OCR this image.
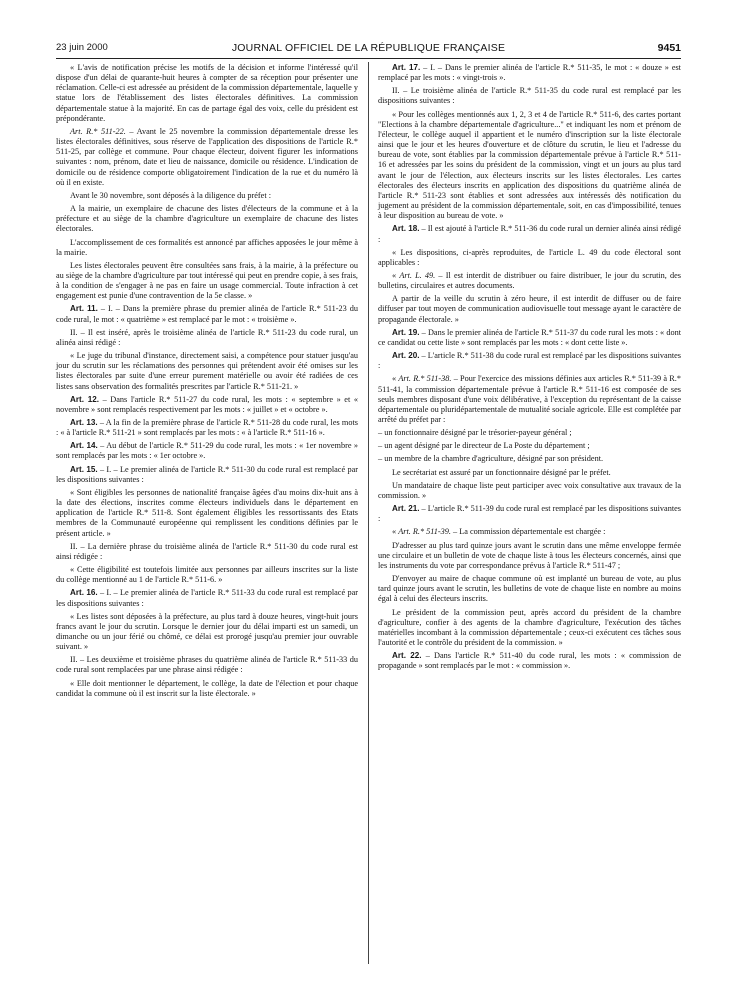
23 juin 2000	JOURNAL OFFICIEL DE LA RÉPUBLIQUE FRANÇAISE	9451

« L'avis de notification précise les motifs de la décision et informe l'intéressé qu'il dispose d'un délai de quarante-huit heures à compter de sa réception pour présenter une réclamation. Celle-ci est adressée au président de la commission départementale, laquelle y statue lors de l'établissement des listes électorales définitives. La commission départementale statue à la majorité. En cas de partage égal des voix, celle du président est prépondérante.

Art. R.* 511-22. – Avant le 25 novembre la commission départementale dresse les listes électorales définitives, sous réserve de l'application des dispositions de l'article R.* 511-25, par collège et commune. Pour chaque électeur, doivent figurer les informations suivantes : nom, prénom, date et lieu de naissance, domicile ou résidence. L'indication de domicile ou de résidence comporte obligatoirement l'indication de la rue et du numéro là où il en existe.

Avant le 30 novembre, sont déposés à la diligence du préfet :

A la mairie, un exemplaire de chacune des listes d'électeurs de la commune et à la préfecture et au siège de la chambre d'agriculture un exemplaire de chacune des listes électorales.

L'accomplissement de ces formalités est annoncé par affiches apposées le jour même à la mairie.

Les listes électorales peuvent être consultées sans frais, à la mairie, à la préfecture ou au siège de la chambre d'agriculture par tout intéressé qui peut en prendre copie, à ses frais, à la condition de s'engager à ne pas en faire un usage commercial. Toute infraction à cet engagement est punie d'une contravention de la 5e classe. »

Art. 11. – I. – Dans la première phrase du premier alinéa de l'article R.* 511-23 du code rural, le mot : « quatrième » est remplacé par le mot : « troisième ».

II. – Il est inséré, après le troisième alinéa de l'article R.* 511-23 du code rural, un alinéa ainsi rédigé :

« Le juge du tribunal d'instance, directement saisi, a compétence pour statuer jusqu'au jour du scrutin sur les réclamations des personnes qui prétendent avoir été omises sur les listes électorales par suite d'une erreur purement matérielle ou avoir été radiées de ces listes sans observation des formalités prescrites par l'article R.* 511-21. »

Art. 12. – Dans l'article R.* 511-27 du code rural, les mots : « septembre » et « novembre » sont remplacés respectivement par les mots : « juillet » et « octobre ».

Art. 13. – A la fin de la première phrase de l'article R.* 511-28 du code rural, les mots : « à l'article R.* 511-21 » sont remplacés par les mots : « à l'article R.* 511-16 ».

Art. 14. – Au début de l'article R.* 511-29 du code rural, les mots : « 1er novembre » sont remplacés par les mots : « 1er octobre ».

Art. 15. – I. – Le premier alinéa de l'article R.* 511-30 du code rural est remplacé par les dispositions suivantes :

« Sont éligibles les personnes de nationalité française âgées d'au moins dix-huit ans à la date des élections, inscrites comme électeurs individuels dans le département en application de l'article R.* 511-8. Sont également éligibles les ressortissants des Etats membres de la Communauté européenne qui remplissent les conditions définies par le présent article. »

II. – La dernière phrase du troisième alinéa de l'article R.* 511-30 du code rural est ainsi rédigée :

« Cette éligibilité est toutefois limitée aux personnes par ailleurs inscrites sur la liste du collège mentionné au 1 de l'article R.* 511-6. »

Art. 16. – I. – Le premier alinéa de l'article R.* 511-33 du code rural est remplacé par les dispositions suivantes :

« Les listes sont déposées à la préfecture, au plus tard à douze heures, vingt-huit jours francs avant le jour du scrutin. Lorsque le dernier jour du délai imparti est un samedi, un dimanche ou un jour férié ou chômé, ce délai est prorogé jusqu'au premier jour ouvrable suivant. »

II. – Les deuxième et troisième phrases du quatrième alinéa de l'article R.* 511-33 du code rural sont remplacées par une phrase ainsi rédigée :

« Elle doit mentionner le département, le collège, la date de l'élection et pour chaque candidat la commune où il est inscrit sur la liste électorale. »

Art. 17. – I. – Dans le premier alinéa de l'article R.* 511-35, le mot : « douze » est remplacé par les mots : « vingt-trois ».

II. – Le troisième alinéa de l'article R.* 511-35 du code rural est remplacé par les dispositions suivantes :

« Pour les collèges mentionnés aux 1, 2, 3 et 4 de l'article R.* 511-6, des cartes portant "Elections à la chambre départementale d'agriculture..." et indiquant les nom et prénom de l'électeur, le collège auquel il appartient et le numéro d'inscription sur la liste électorale ainsi que le jour et les heures d'ouverture et de clôture du scrutin, le lieu et l'adresse du bureau de vote, sont établies par la commission départementale prévue à l'article R.* 511-16 et adressées par les soins du président de la commission, vingt et un jours au plus tard avant le jour de l'élection, aux électeurs inscrits sur les listes électorales. Les cartes électorales des électeurs inscrits en application des dispositions du quatrième alinéa de l'article R.* 511-23 sont établies et sont adressées aux intéressés dès notification du jugement au président de la commission départementale, soit, en cas d'impossibilité, tenues à leur disposition au bureau de vote. »

Art. 18. – Il est ajouté à l'article R.* 511-36 du code rural un dernier alinéa ainsi rédigé :

« Les dispositions, ci-après reproduites, de l'article L. 49 du code électoral sont applicables :

« Art. L. 49. – Il est interdit de distribuer ou faire distribuer, le jour du scrutin, des bulletins, circulaires et autres documents.

A partir de la veille du scrutin à zéro heure, il est interdit de diffuser ou de faire diffuser par tout moyen de communication audiovisuelle tout message ayant le caractère de propagande électorale. »

Art. 19. – Dans le premier alinéa de l'article R.* 511-37 du code rural les mots : « dont ce candidat ou cette liste » sont remplacés par les mots : « dont cette liste ».

Art. 20. – L'article R.* 511-38 du code rural est remplacé par les dispositions suivantes :

« Art. R.* 511-38. – Pour l'exercice des missions définies aux articles R.* 511-39 à R.* 511-41, la commission départementale prévue à l'article R.* 511-16 est composée de ses seuls membres disposant d'une voix délibérative, à l'exception du représentant de la caisse départementale ou pluridépartementale de mutualité sociale agricole. Elle est complétée par arrêté du préfet par :

– un fonctionnaire désigné par le trésorier-payeur général ;

– un agent désigné par le directeur de La Poste du département ;

– un membre de la chambre d'agriculture, désigné par son président.

Le secrétariat est assuré par un fonctionnaire désigné par le préfet.

Un mandataire de chaque liste peut participer avec voix consultative aux travaux de la commission. »

Art. 21. – L'article R.* 511-39 du code rural est remplacé par les dispositions suivantes :

« Art. R.* 511-39. – La commission départementale est chargée :

D'adresser au plus tard quinze jours avant le scrutin dans une même enveloppe fermée une circulaire et un bulletin de vote de chaque liste à tous les électeurs concernés, ainsi que les instruments du vote par correspondance prévus à l'article R.* 511-47 ;

D'envoyer au maire de chaque commune où est implanté un bureau de vote, au plus tard quinze jours avant le scrutin, les bulletins de vote de chaque liste en nombre au moins égal à celui des électeurs inscrits.

Le président de la commission peut, après accord du président de la chambre d'agriculture, confier à des agents de la chambre d'agriculture, l'exécution des tâches matérielles incombant à la commission départementale ; ceux-ci exécutent ces tâches sous l'autorité et le contrôle du président de la commission. »

Art. 22. – Dans l'article R.* 511-40 du code rural, les mots : « commission de propagande » sont remplacés par le mot : « commission ».
